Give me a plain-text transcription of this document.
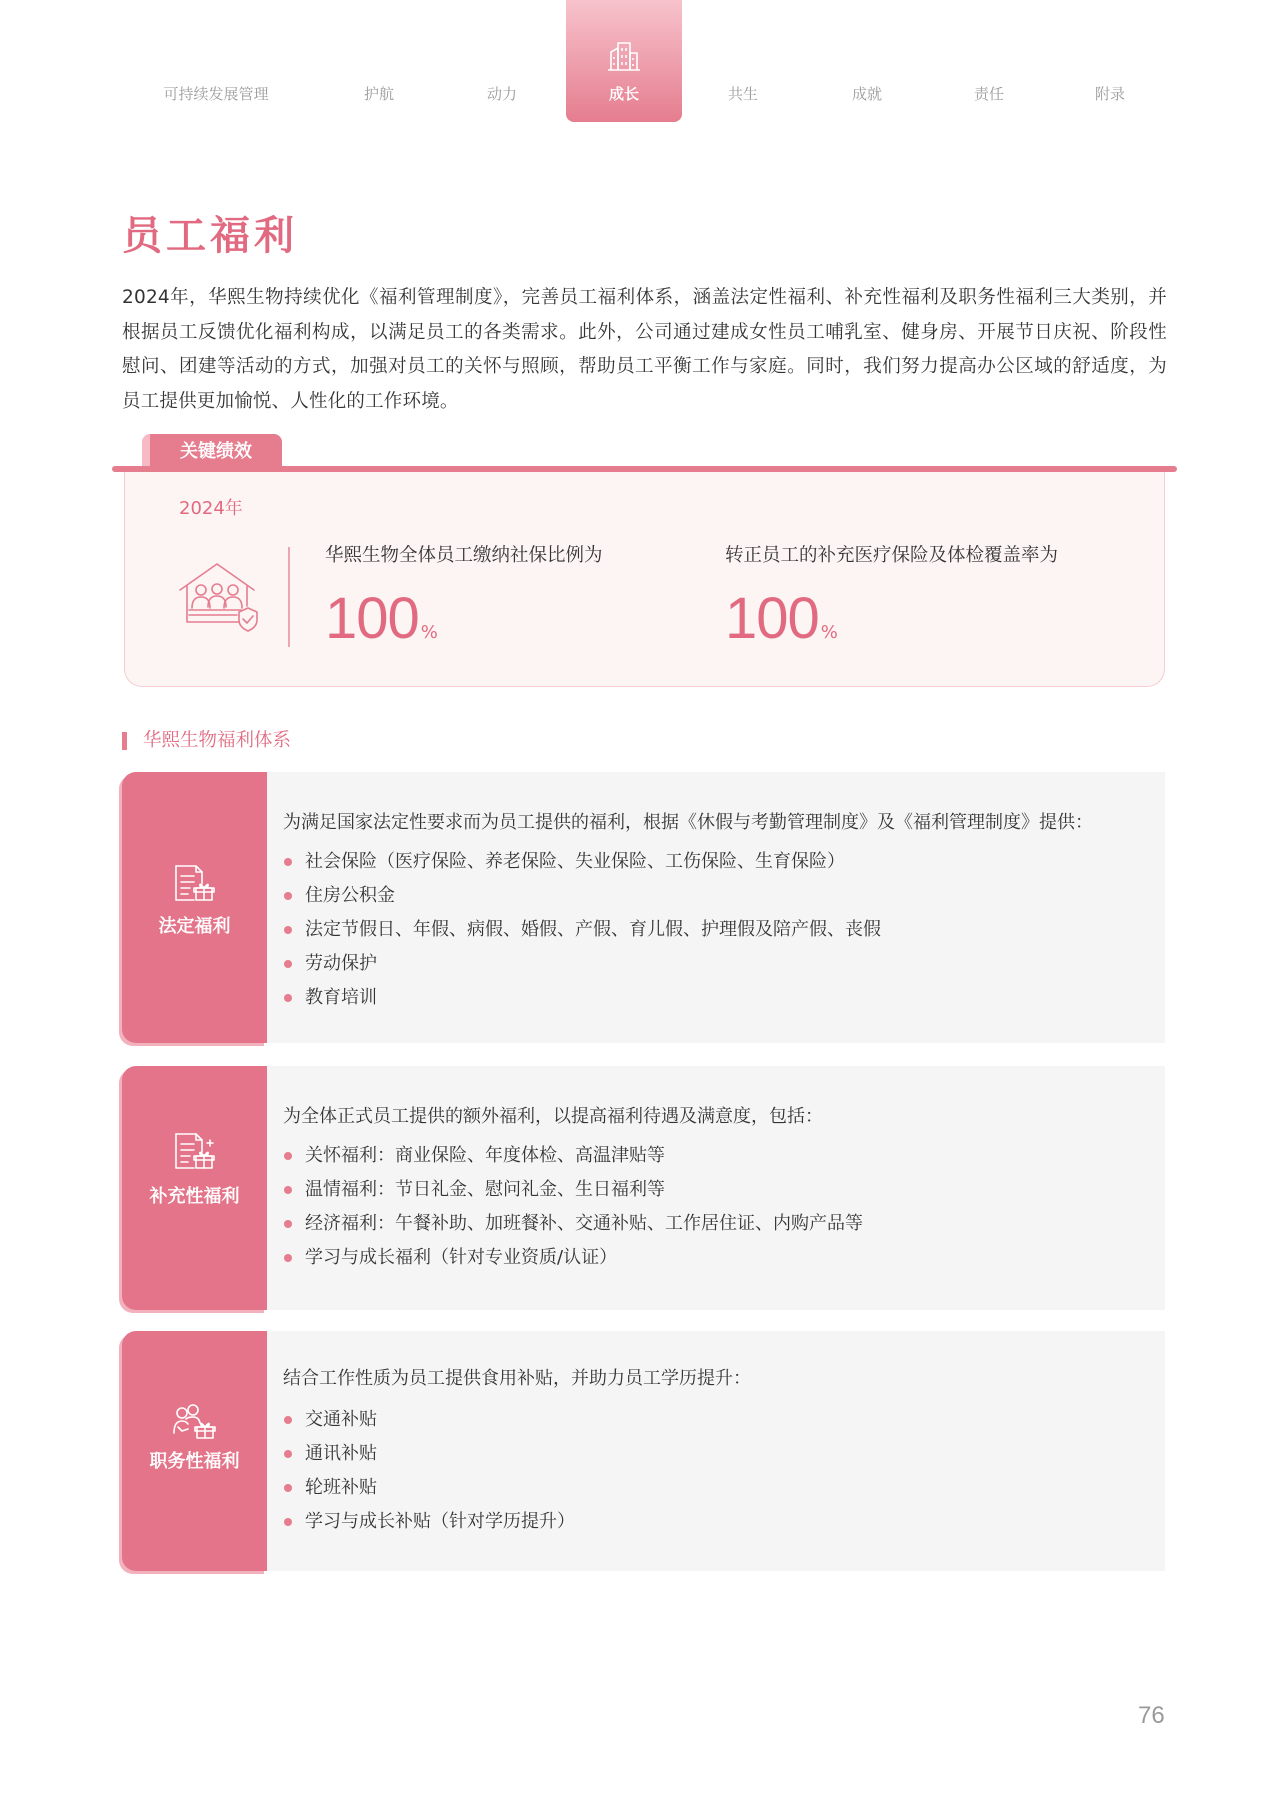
可持续发展管理	护航	动力	成长	共生	成就	责任	附录
员工福利

2024年，华熙生物持续优化《福利管理制度》，完善员工福利体系，涵盖法定性福利、补充性福利及职务性福利三大类别，并根据员工反馈优化福利构成，以满足员工的各类需求。此外，公司通过建成女性员工哺乳室、健身房、开展节日庆祝、阶段性慰问、团建等活动的方式，加强对员工的关怀与照顾，帮助员工平衡工作与家庭。同时，我们努力提高办公区域的舒适度，为员工提供更加愉悦、人性化的工作环境。

关键绩效
2024年
华熙生物全体员工缴纳社保比例为
100 %
转正员工的补充医疗保险及体检覆盖率为
100 %
华熙生物福利体系
法定福利
为满足国家法定性要求而为员工提供的福利，根据《休假与考勤管理制度》及《福利管理制度》提供：
社会保险（医疗保险、养老保险、失业保险、工伤保险、生育保险）
住房公积金
法定节假日、年假、病假、婚假、产假、育儿假、护理假及陪产假、丧假
劳动保护
教育培训
补充性福利
为全体正式员工提供的额外福利，以提高福利待遇及满意度，包括：
关怀福利：商业保险、年度体检、高温津贴等
温情福利：节日礼金、慰问礼金、生日福利等
经济福利：午餐补助、加班餐补、交通补贴、工作居住证、内购产品等
学习与成长福利（针对专业资质/认证）
职务性福利
结合工作性质为员工提供食用补贴，并助力员工学历提升：
交通补贴
通讯补贴
轮班补贴
学习与成长补贴（针对学历提升）
76
